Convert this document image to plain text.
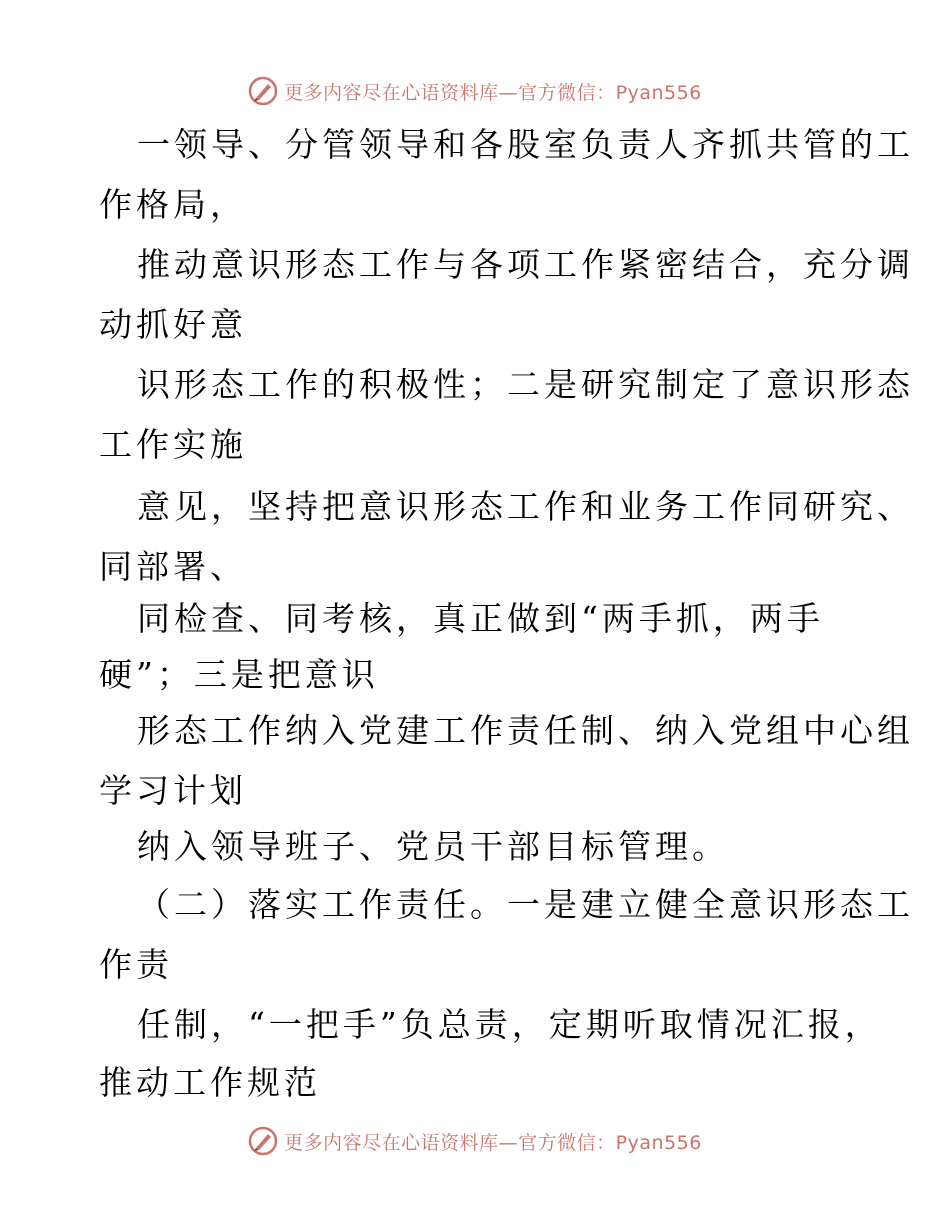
更多内容尽在心语资料库—官方微信：Pyan556
一领导、分管领导和各股室负责人齐抓共管的工
作格局，
推动意识形态工作与各项工作紧密结合，充分调
动抓好意
识形态工作的积极性；二是研究制定了意识形态
工作实施
意见，坚持把意识形态工作和业务工作同研究、
同部署、
同检查、同考核，真正做到“两手抓，两手
硬”；三是把意识
形态工作纳入党建工作责任制、纳入党组中心组
学习计划
纳入领导班子、党员干部目标管理。
（二）落实工作责任。一是建立健全意识形态工
作责
任制，“一把手”负总责，定期听取情况汇报，
推动工作规范
更多内容尽在心语资料库—官方微信：Pyan556
